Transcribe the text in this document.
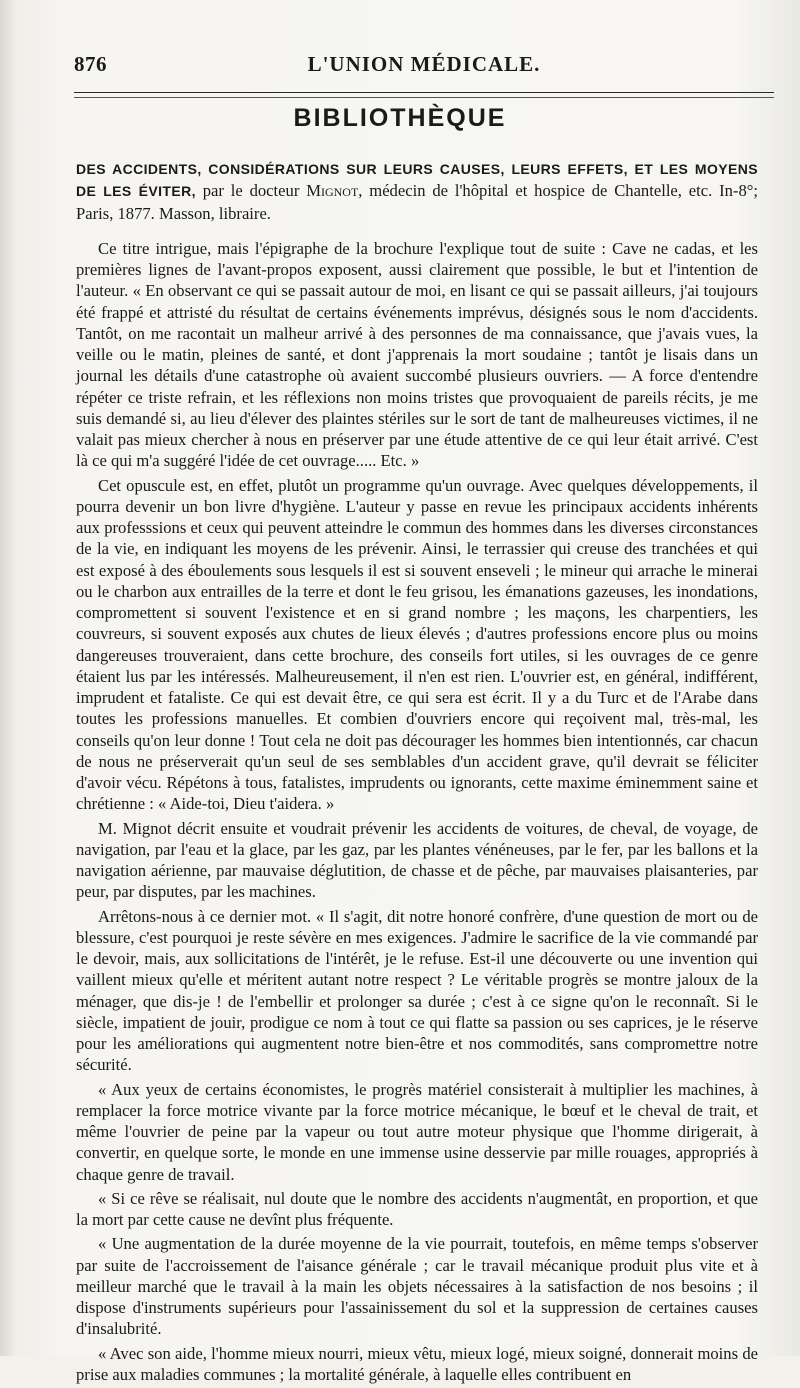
876	L'UNION MÉDICALE.
BIBLIOTHÈQUE

DES ACCIDENTS, CONSIDÉRATIONS SUR LEURS CAUSES, LEURS EFFETS, ET LES MOYENS DE LES ÉVITER, par le docteur Mignot, médecin de l'hôpital et hospice de Chantelle, etc. In-8°; Paris, 1877. Masson, libraire.

Ce titre intrigue, mais l'épigraphe de la brochure l'explique tout de suite : Cave ne cadas, et les premières lignes de l'avant-propos exposent, aussi clairement que possible, le but et l'intention de l'auteur. « En observant ce qui se passait autour de moi, en lisant ce qui se passait ailleurs, j'ai toujours été frappé et attristé du résultat de certains événements imprévus, désignés sous le nom d'accidents. Tantôt, on me racontait un malheur arrivé à des personnes de ma connaissance, que j'avais vues, la veille ou le matin, pleines de santé, et dont j'apprenais la mort soudaine ; tantôt je lisais dans un journal les détails d'une catastrophe où avaient succombé plusieurs ouvriers. — A force d'entendre répéter ce triste refrain, et les réflexions non moins tristes que provoquaient de pareils récits, je me suis demandé si, au lieu d'élever des plaintes stériles sur le sort de tant de malheureuses victimes, il ne valait pas mieux chercher à nous en préserver par une étude attentive de ce qui leur était arrivé. C'est là ce qui m'a suggéré l'idée de cet ouvrage..... Etc. »

Cet opuscule est, en effet, plutôt un programme qu'un ouvrage. Avec quelques développements, il pourra devenir un bon livre d'hygiène. L'auteur y passe en revue les principaux accidents inhérents aux professsions et ceux qui peuvent atteindre le commun des hommes dans les diverses circonstances de la vie, en indiquant les moyens de les prévenir. Ainsi, le terrassier qui creuse des tranchées et qui est exposé à des éboulements sous lesquels il est si souvent enseveli ; le mineur qui arrache le minerai ou le charbon aux entrailles de la terre et dont le feu grisou, les émanations gazeuses, les inondations, compromettent si souvent l'existence et en si grand nombre ; les maçons, les charpentiers, les couvreurs, si souvent exposés aux chutes de lieux élevés ; d'autres professions encore plus ou moins dangereuses trouveraient, dans cette brochure, des conseils fort utiles, si les ouvrages de ce genre étaient lus par les intéressés. Malheureusement, il n'en est rien. L'ouvrier est, en général, indifférent, imprudent et fataliste. Ce qui est devait être, ce qui sera est écrit. Il y a du Turc et de l'Arabe dans toutes les professions manuelles. Et combien d'ouvriers encore qui reçoivent mal, très-mal, les conseils qu'on leur donne ! Tout cela ne doit pas décourager les hommes bien intentionnés, car chacun de nous ne préserverait qu'un seul de ses semblables d'un accident grave, qu'il devrait se féliciter d'avoir vécu. Répétons à tous, fatalistes, imprudents ou ignorants, cette maxime éminemment saine et chrétienne : « Aide-toi, Dieu t'aidera. »

M. Mignot décrit ensuite et voudrait prévenir les accidents de voitures, de cheval, de voyage, de navigation, par l'eau et la glace, par les gaz, par les plantes vénéneuses, par le fer, par les ballons et la navigation aérienne, par mauvaise déglutition, de chasse et de pêche, par mauvaises plaisanteries, par peur, par disputes, par les machines.

Arrêtons-nous à ce dernier mot. « Il s'agit, dit notre honoré confrère, d'une question de mort ou de blessure, c'est pourquoi je reste sévère en mes exigences. J'admire le sacrifice de la vie commandé par le devoir, mais, aux sollicitations de l'intérêt, je le refuse. Est-il une découverte ou une invention qui vaillent mieux qu'elle et méritent autant notre respect ? Le véritable progrès se montre jaloux de la ménager, que dis-je ! de l'embellir et prolonger sa durée ; c'est à ce signe qu'on le reconnaît. Si le siècle, impatient de jouir, prodigue ce nom à tout ce qui flatte sa passion ou ses caprices, je le réserve pour les améliorations qui augmentent notre bien-être et nos commodités, sans compromettre notre sécurité.

« Aux yeux de certains économistes, le progrès matériel consisterait à multiplier les machines, à remplacer la force motrice vivante par la force motrice mécanique, le bœuf et le cheval de trait, et même l'ouvrier de peine par la vapeur ou tout autre moteur physique que l'homme dirigerait, à convertir, en quelque sorte, le monde en une immense usine desservie par mille rouages, appropriés à chaque genre de travail.

« Si ce rêve se réalisait, nul doute que le nombre des accidents n'augmentât, en proportion, et que la mort par cette cause ne devînt plus fréquente.

« Une augmentation de la durée moyenne de la vie pourrait, toutefois, en même temps s'observer par suite de l'accroissement de l'aisance générale ; car le travail mécanique produit plus vite et à meilleur marché que le travail à la main les objets nécessaires à la satisfaction de nos besoins ; il dispose d'instruments supérieurs pour l'assainissement du sol et la suppression de certaines causes d'insalubrité.

« Avec son aide, l'homme mieux nourri, mieux vêtu, mieux logé, mieux soigné, donnerait moins de prise aux maladies communes ; la mortalité générale, à laquelle elles contribuent en
